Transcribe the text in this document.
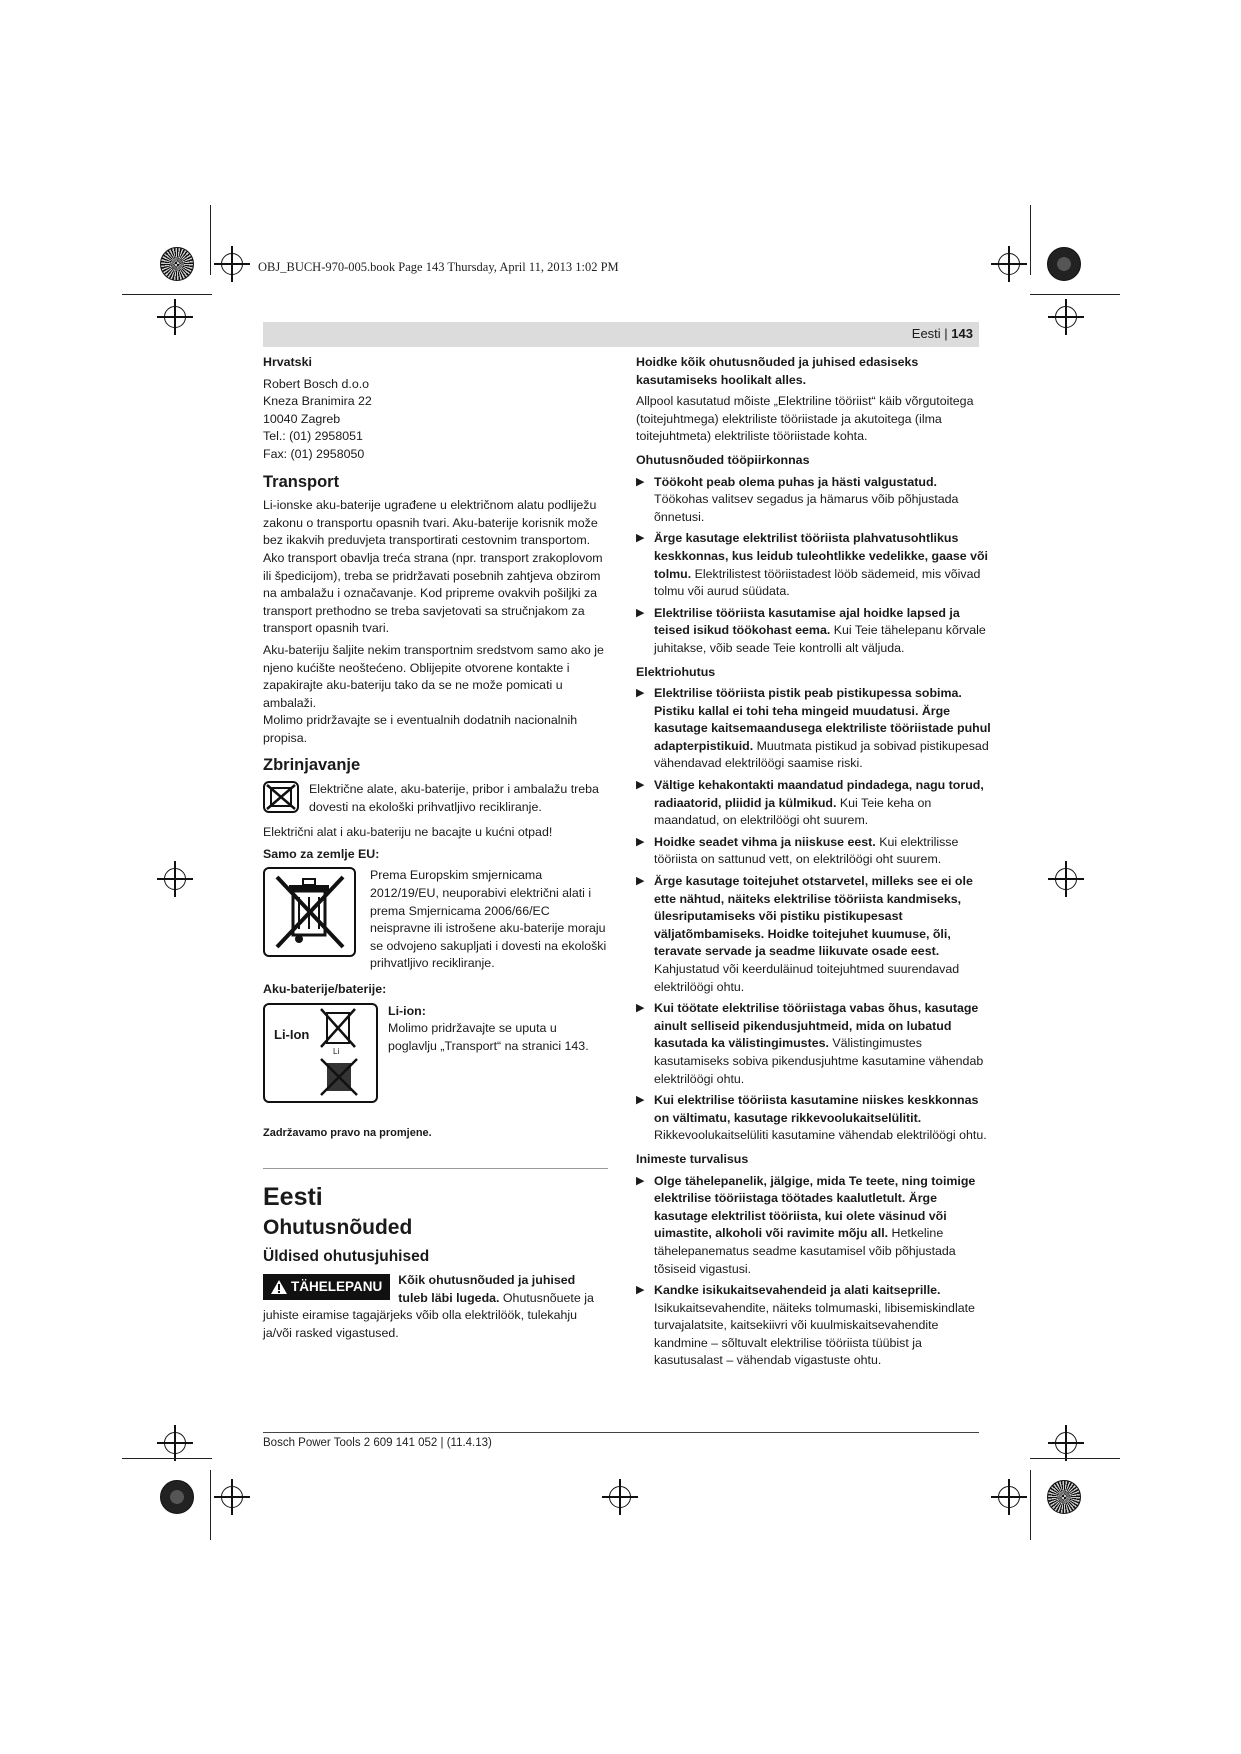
OBJ_BUCH-970-005.book Page 143 Thursday, April 11, 2013 1:02 PM
Eesti | 143

Hrvatski

Robert Bosch d.o.o
Kneza Branimira 22
10040 Zagreb
Tel.: (01) 2958051
Fax: (01) 2958050
Transport

Li-ionske aku-baterije ugrađene u električnom alatu podliježu zakonu o transportu opasnih tvari. Aku-baterije korisnik može bez ikakvih preduvjeta transportirati cestovnim transportom. Ako transport obavlja treća strana (npr. transport zrakoplovom ili špedicijom), treba se pridržavati posebnih zahtjeva obzirom na ambalažu i označavanje. Kod pripreme ovakvih pošiljki za transport prethodno se treba savjetovati sa stručnjakom za transport opasnih tvari.

Aku-bateriju šaljite nekim transportnim sredstvom samo ako je njeno kućište neoštećeno. Oblijepite otvorene kontakte i zapakirajte aku-bateriju tako da se ne može pomicati u ambalaži.

Molimo pridržavajte se i eventualnih dodatnih nacionalnih propisa.

Zbrinjavanje
Električne alate, aku-baterije, pribor i ambalažu treba dovesti na ekološki prihvatljivo recikliranje.

Električni alat i aku-bateriju ne bacajte u kućni otpad!

Samo za zemlje EU:

Prema Europskim smjernicama 2012/19/EU, neuporabivi električni alati i prema Smjernicama 2006/66/EC neispravne ili istrošene aku-baterije moraju se odvojeno sakupljati i dovesti na ekološki prihvatljivo recikliranje.

Aku-baterije/baterije:

Li-Ion
Li
Li-ion:
Molimo pridržavajte se uputa u poglavlju „Transport“ na stranici 143.

Zadržavamo pravo na promjene.

Eesti
Ohutusnõuded
Üldised ohutusjuhised
TÄHELEPANU Kõik ohutusnõuded ja juhised tuleb läbi lugeda. Ohutusnõuete ja juhiste eiramise tagajärjeks võib olla elektrilöök, tulekahju ja/või rasked vigastused.

Hoidke kõik ohutusnõuded ja juhised edasiseks kasutamiseks hoolikalt alles.

Allpool kasutatud mõiste „Elektriline tööriist“ käib võrgutoitega (toitejuhtmega) elektriliste tööriistade ja akutoitega (ilma toitejuhtmeta) elektriliste tööriistade kohta.

Ohutusnõuded tööpiirkonnas
▶ Töökoht peab olema puhas ja hästi valgustatud. Töökohas valitsev segadus ja hämarus võib põhjustada õnnetusi.
▶ Ärge kasutage elektrilist tööriista plahvatusohtlikus keskkonnas, kus leidub tuleohtlikke vedelikke, gaase või tolmu. Elektrilistest tööriistadest lööb sädemeid, mis võivad tolmu või aurud süüdata.
▶ Elektrilise tööriista kasutamise ajal hoidke lapsed ja teised isikud töökohast eema. Kui Teie tähelepanu kõrvale juhitakse, võib seade Teie kontrolli alt väljuda.
Elektriohutus
▶ Elektrilise tööriista pistik peab pistikupessa sobima. Pistiku kallal ei tohi teha mingeid muudatusi. Ärge kasutage kaitsemaandusega elektriliste tööriistade puhul adapterpistikuid. Muutmata pistikud ja sobivad pistikupesad vähendavad elektrilöögi saamise riski.
▶ Vältige kehakontakti maandatud pindadega, nagu torud, radiaatorid, pliidid ja külmikud. Kui Teie keha on maandatud, on elektrilöögi oht suurem.
▶ Hoidke seadet vihma ja niiskuse eest. Kui elektrilisse tööriista on sattunud vett, on elektrilöögi oht suurem.
▶ Ärge kasutage toitejuhet otstarvetel, milleks see ei ole ette nähtud, näiteks elektrilise tööriista kandmiseks, ülesriputamiseks või pistiku pistikupesast väljatõmbamiseks. Hoidke toitejuhet kuumuse, õli, teravate servade ja seadme liikuvate osade eest. Kahjustatud või keerduläinud toitejuhtmed suurendavad elektrilöögi ohtu.
▶ Kui töötate elektrilise tööriistaga vabas õhus, kasutage ainult selliseid pikendusjuhtmeid, mida on lubatud kasutada ka välistingimustes. Välistingimustes kasutamiseks sobiva pikendusjuhtme kasutamine vähendab elektrilöögi ohtu.
▶ Kui elektrilise tööriista kasutamine niiskes keskkonnas on vältimatu, kasutage rikkevoolukaitselülitit. Rikkevoolukaitselüliti kasutamine vähendab elektrilöögi ohtu.
Inimeste turvalisus
▶ Olge tähelepanelik, jälgige, mida Te teete, ning toimige elektrilise tööriistaga töötades kaalutletult. Ärge kasutage elektrilist tööriista, kui olete väsinud või uimastite, alkoholi või ravimite mõju all. Hetkeline tähelepanematus seadme kasutamisel võib põhjustada tõsiseid vigastusi.
▶ Kandke isikukaitsevahendeid ja alati kaitseprille. Isikukaitsevahendite, näiteks tolmumaski, libisemiskindlate turvajalatsite, kaitsekiivri või kuulmiskaitsevahendite kandmine – sõltuvalt elektrilise tööriista tüübist ja kasutusalast – vähendab vigastuste ohtu.
Bosch Power Tools 2 609 141 052 | (11.4.13)
